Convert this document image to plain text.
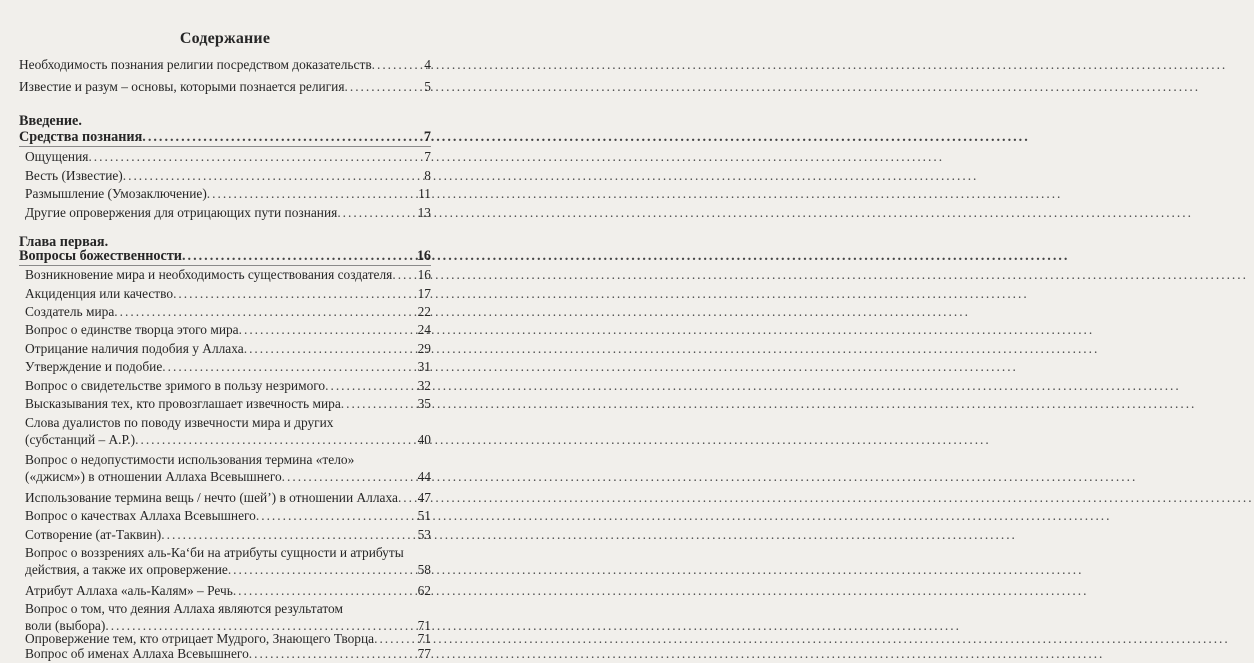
Содержание
Необходимость познания религии посредством доказательств .....	4
Известие и разум – основы, которыми познается религия .....	5
Введение.
Средства познания .....	7
Ощущения .....	7
Весть (Известие) .....	8
Размышление (Умозаключение) .....	11
Другие опровержения для отрицающих пути познания .....	13
Глава первая.
Вопросы божественности .....	16
Возникновение мира и необходимость существования создателя ..... 16
Акциденция или качество .....	17
Создатель мира .....	22
Вопрос о единстве творца этого мира .....	24
Отрицание наличия подобия у Аллаха .....	29
Утверждение и подобие .....	31
Вопрос о свидетельстве зримого в пользу незримого .....	32
Высказывания тех, кто провозглашает извечность мира .....	35
Слова дуалистов по поводу извечности мира и других
(субстанций – А.Р.) .....	40
Вопрос о недопустимости использования термина «тело»
(«джисм») в отношении Аллаха Всевышнего .....	44
Использование термина вещь / нечто (шей’) в отношении Аллаха ..... 47
Вопрос о качествах Аллаха Всевышнего .....	51
Сотворение (ат-Таквин) .....	53
Вопрос о воззрениях аль-Ка‘би на атрибуты сущности и атрибуты
действия, а также их опровержение .....	58
Атрибут Аллаха «аль-Калям» – Речь .....	62
Вопрос о том, что деяния Аллаха являются результатом
воли (выбора) .....	71
Опровержение тем, кто отрицает Мудрого, Знающего Творца .....	71
Вопрос об именах Аллаха Всевышнего .....	77
